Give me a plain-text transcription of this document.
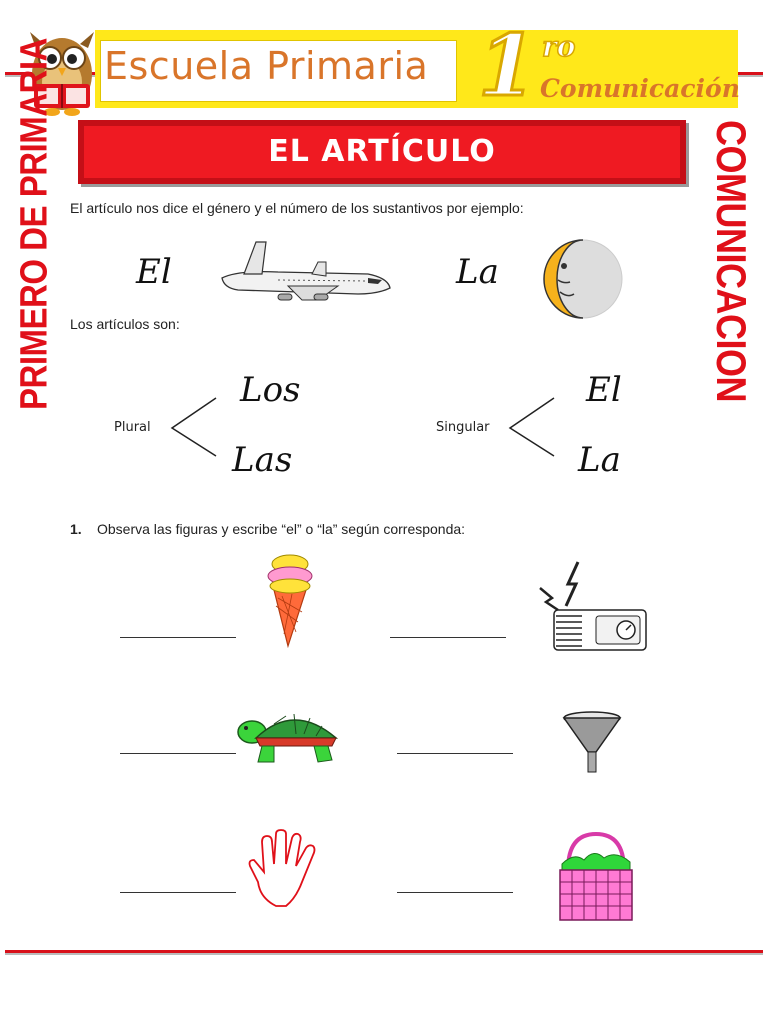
Escuela Primaria 1 ro
Comunicación
EL ARTÍCULO
PRIMERO DE PRIMARIA	COMUNICACION
El artículo nos dice el género y el número de los sustantivos por ejemplo:
El	La
Los artículos son:
Plural
Los
Las
Singular
El
La
1. Observa las figuras y escribe “el” o “la” según corresponda:
